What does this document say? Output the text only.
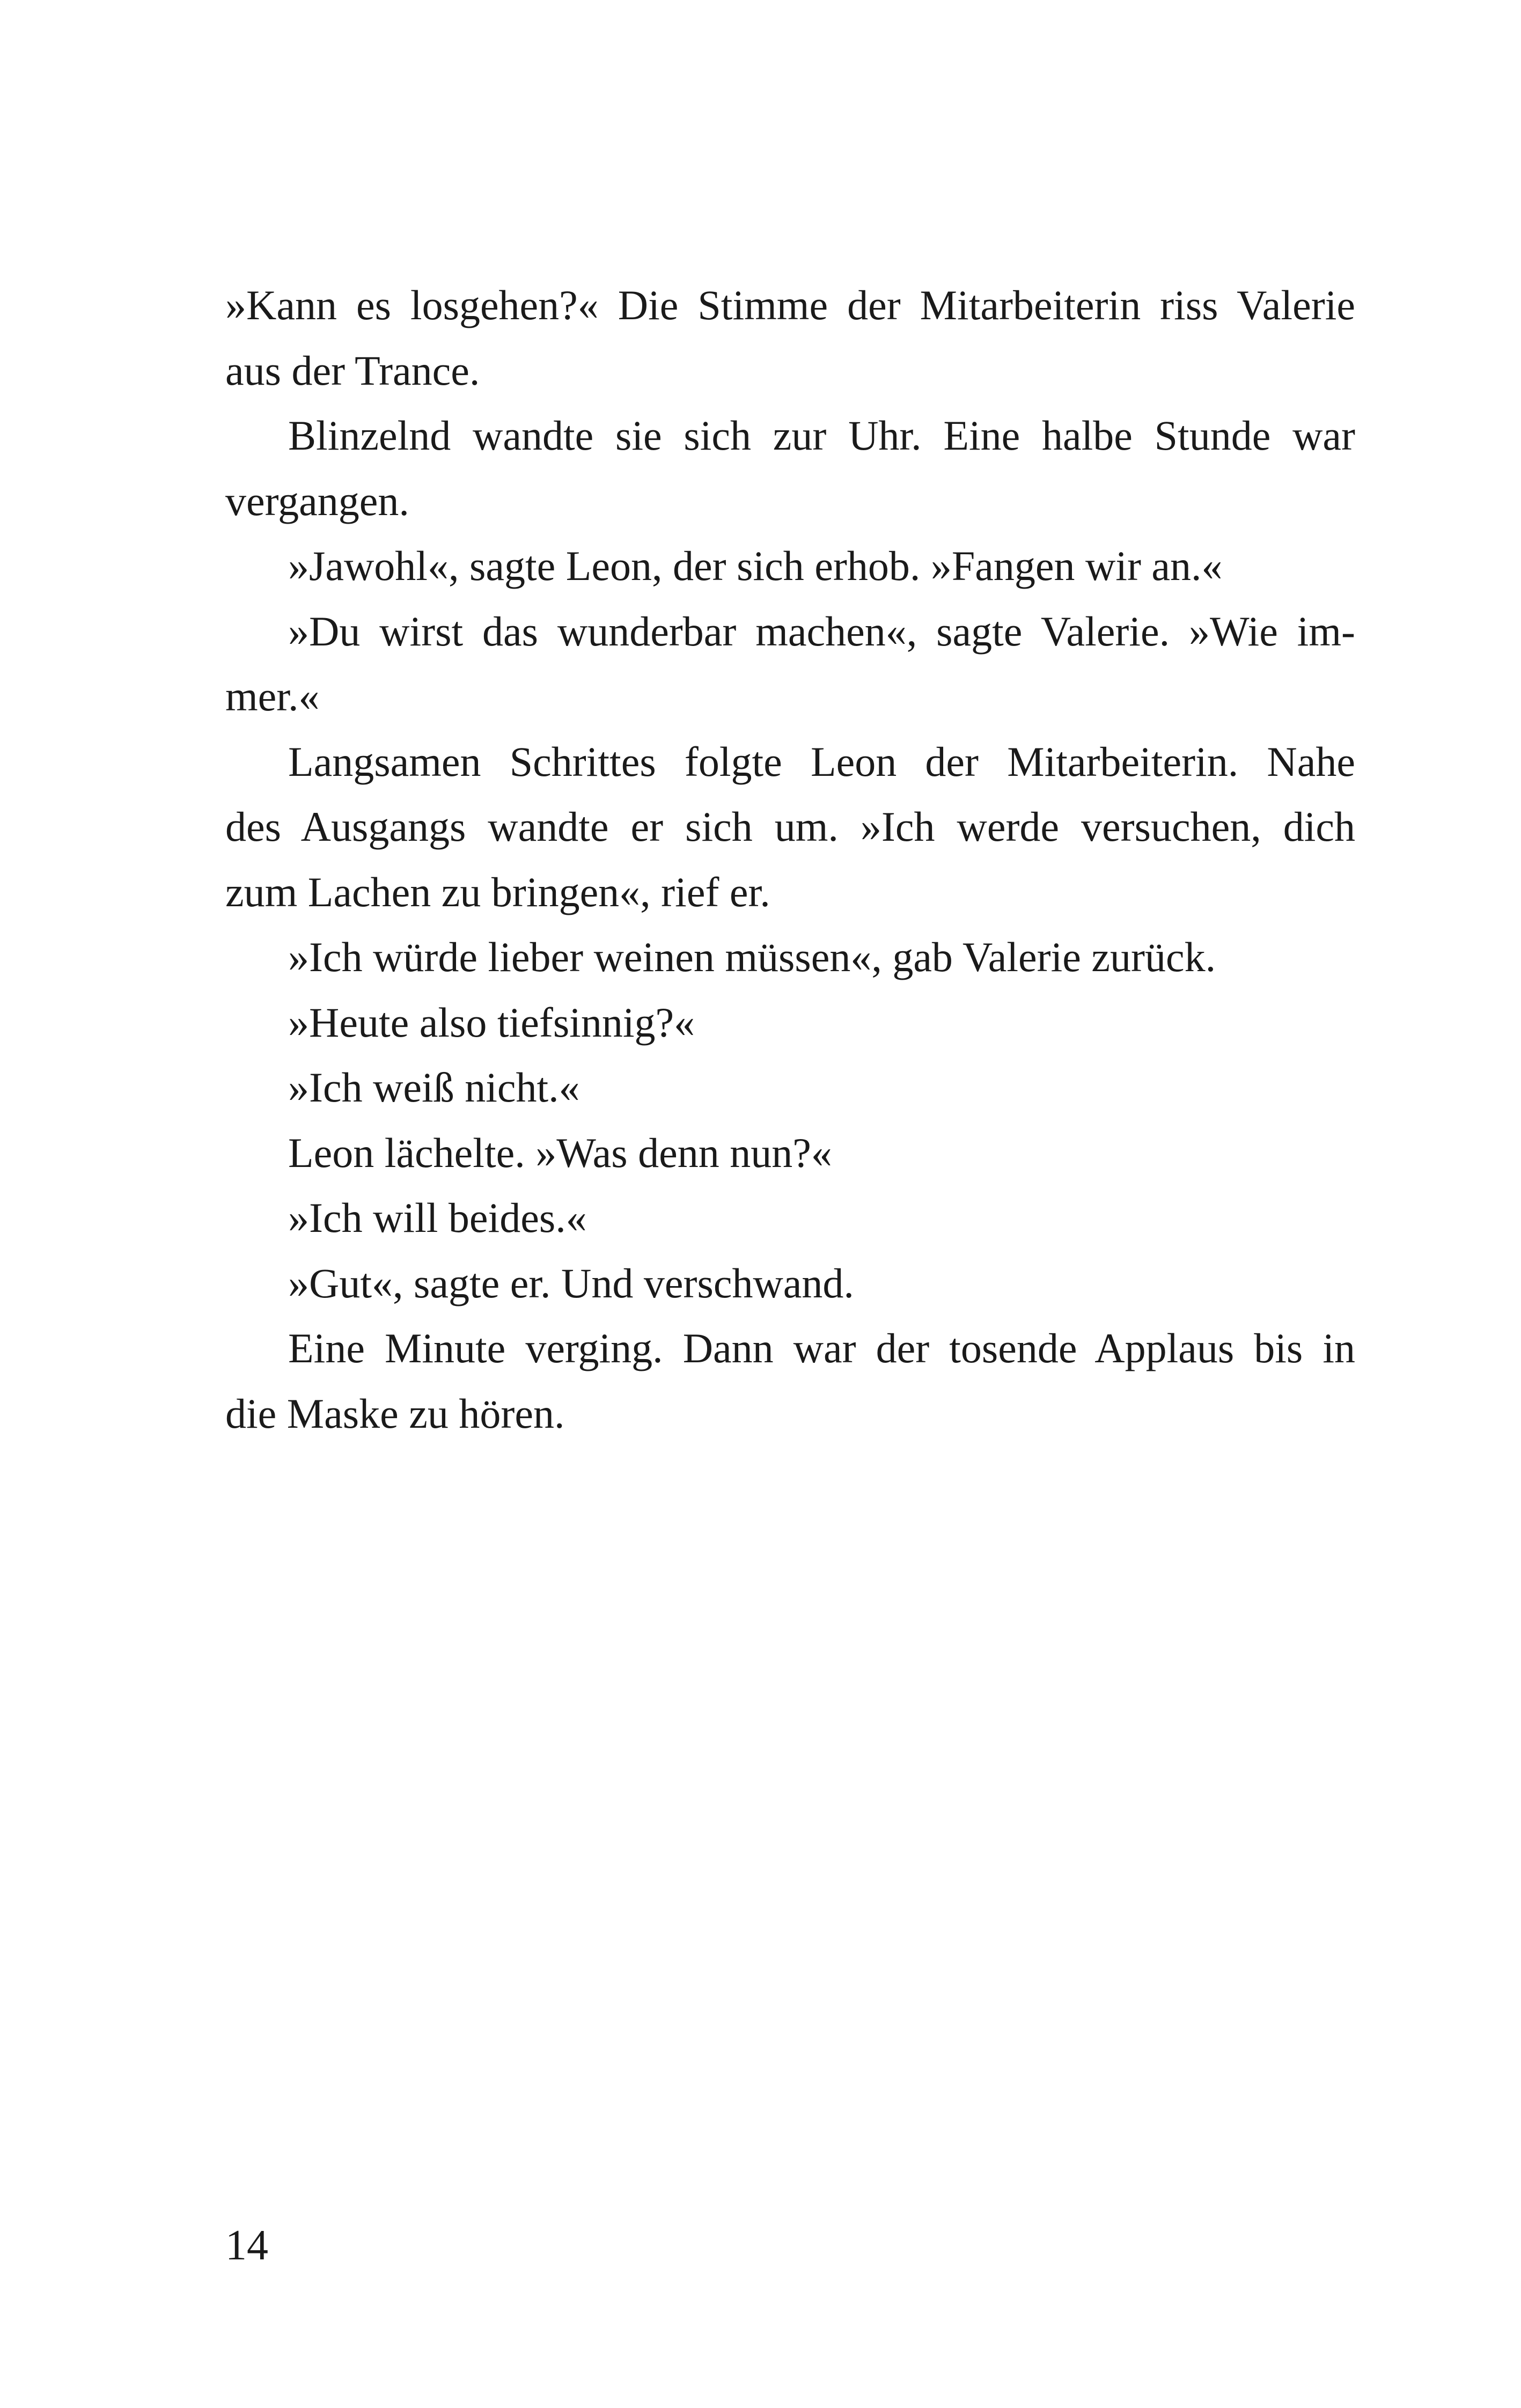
»Kann es losgehen?« Die Stimme der Mitarbeiterin riss Valerie
aus der Trance.
Blinzelnd wandte sie sich zur Uhr. Eine halbe Stunde war
vergangen.
»Jawohl«, sagte Leon, der sich erhob. »Fangen wir an.«
»Du wirst das wunderbar machen«, sagte Valerie. »Wie im-
mer.«
Langsamen Schrittes folgte Leon der Mitarbeiterin. Nahe
des Ausgangs wandte er sich um. »Ich werde versuchen, dich
zum Lachen zu bringen«, rief er.
»Ich würde lieber weinen müssen«, gab Valerie zurück.
»Heute also tiefsinnig?«
»Ich weiß nicht.«
Leon lächelte. »Was denn nun?«
»Ich will beides.«
»Gut«, sagte er. Und verschwand.
Eine Minute verging. Dann war der tosende Applaus bis in
die Maske zu hören.
14
